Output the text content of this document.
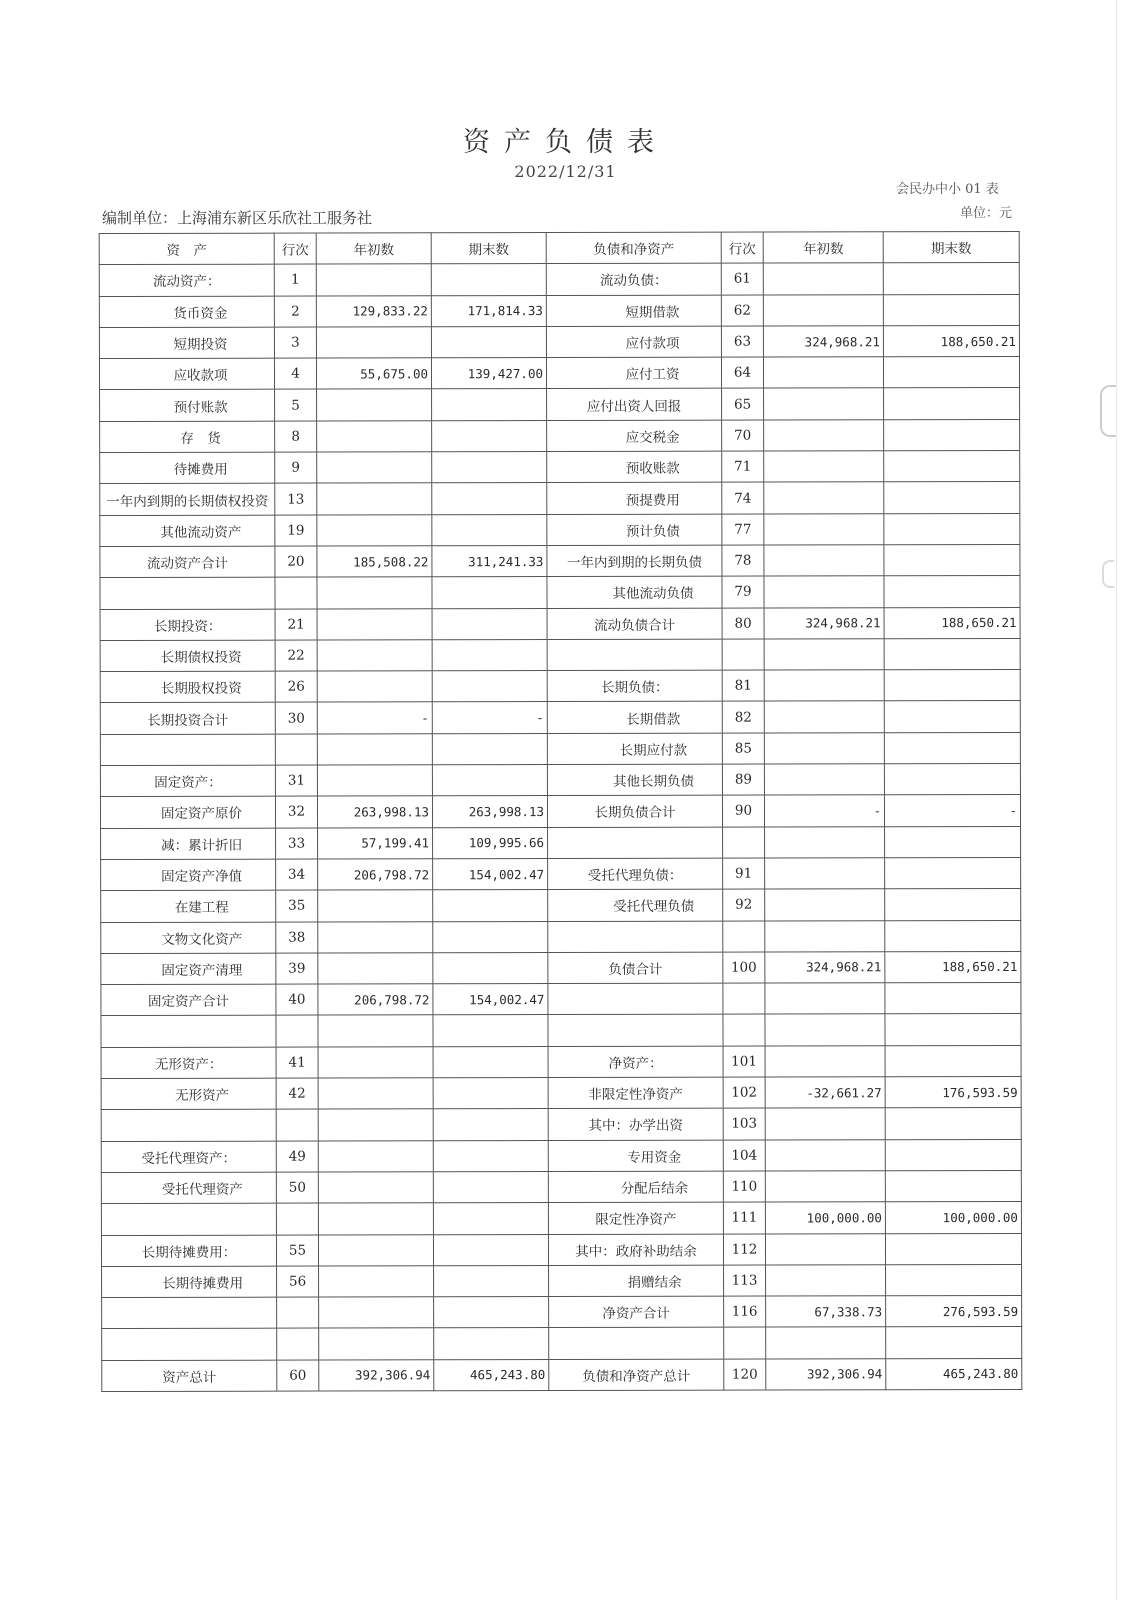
资产负债表
2022/12/31
会民办中小 01 表
单位：元
编制单位：上海浦东新区乐欣社工服务社
资　产	行次	年初数	期末数	负债和净资产	行次	年初数	期末数
流动资产：	1			流动负债：	61		
货币资金	2	129,833.22	171,814.33	短期借款	62		
短期投资	3			应付款项	63	324,968.21	188,650.21
应收款项	4	55,675.00	139,427.00	应付工资	64		
预付账款	5			应付出资人回报	65		
存　货	8			应交税金	70		
待摊费用	9			预收账款	71		
一年内到期的长期债权投资	13			预提费用	74		
其他流动资产	19			预计负债	77		
流动资产合计	20	185,508.22	311,241.33	一年内到期的长期负债	78		
				其他流动负债	79		
长期投资：	21			流动负债合计	80	324,968.21	188,650.21
长期债权投资	22						
长期股权投资	26			长期负债：	81		
长期投资合计	30	-	-	长期借款	82		
				长期应付款	85		
固定资产：	31			其他长期负债	89		
固定资产原价	32	263,998.13	263,998.13	长期负债合计	90	-	-
减：累计折旧	33	57,199.41	109,995.66				
固定资产净值	34	206,798.72	154,002.47	受托代理负债：	91		
在建工程	35			受托代理负债	92		
文物文化资产	38						
固定资产清理	39			负债合计	100	324,968.21	188,650.21
固定资产合计	40	206,798.72	154,002.47				

无形资产：	41			净资产：	101		
无形资产	42			非限定性净资产	102	-32,661.27	176,593.59
				其中：办学出资	103		
受托代理资产：	49			专用资金	104		
受托代理资产	50			分配后结余	110		
				限定性净资产	111	100,000.00	100,000.00
长期待摊费用：	55			其中：政府补助结余	112		
长期待摊费用	56			捐赠结余	113		
				净资产合计	116	67,338.73	276,593.59

资产总计	60	392,306.94	465,243.80	负债和净资产总计	120	392,306.94	465,243.80
